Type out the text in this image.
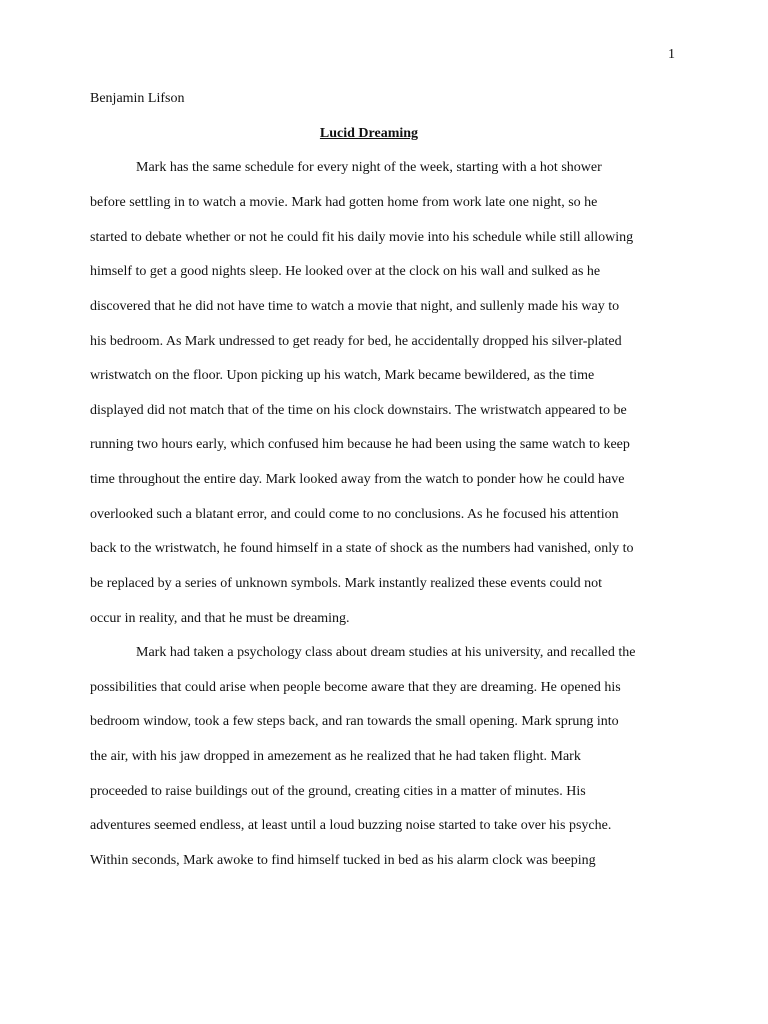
1
Benjamin Lifson
Lucid Dreaming
Mark has the same schedule for every night of the week, starting with a hot shower
before settling in to watch a movie. Mark had gotten home from work late one night, so he
started to debate whether or not he could fit his daily movie into his schedule while still allowing
himself to get a good nights sleep. He looked over at the clock on his wall and sulked as he
discovered that he did not have time to watch a movie that night, and sullenly made his way to
his bedroom. As Mark undressed to get ready for bed, he accidentally dropped his silver-plated
wristwatch on the floor. Upon picking up his watch, Mark became bewildered, as the time
displayed did not match that of the time on his clock downstairs. The wristwatch appeared to be
running two hours early, which confused him because he had been using the same watch to keep
time throughout the entire day. Mark looked away from the watch to ponder how he could have
overlooked such a blatant error, and could come to no conclusions. As he focused his attention
back to the wristwatch, he found himself in a state of shock as the numbers had vanished, only to
be replaced by a series of unknown symbols. Mark instantly realized these events could not
occur in reality, and that he must be dreaming.
Mark had taken a psychology class about dream studies at his university, and recalled the
possibilities that could arise when people become aware that they are dreaming. He opened his
bedroom window, took a few steps back, and ran towards the small opening. Mark sprung into
the air, with his jaw dropped in amezement as he realized that he had taken flight. Mark
proceeded to raise buildings out of the ground, creating cities in a matter of minutes. His
adventures seemed endless, at least until a loud buzzing noise started to take over his psyche.
Within seconds, Mark awoke to find himself tucked in bed as his alarm clock was beeping
